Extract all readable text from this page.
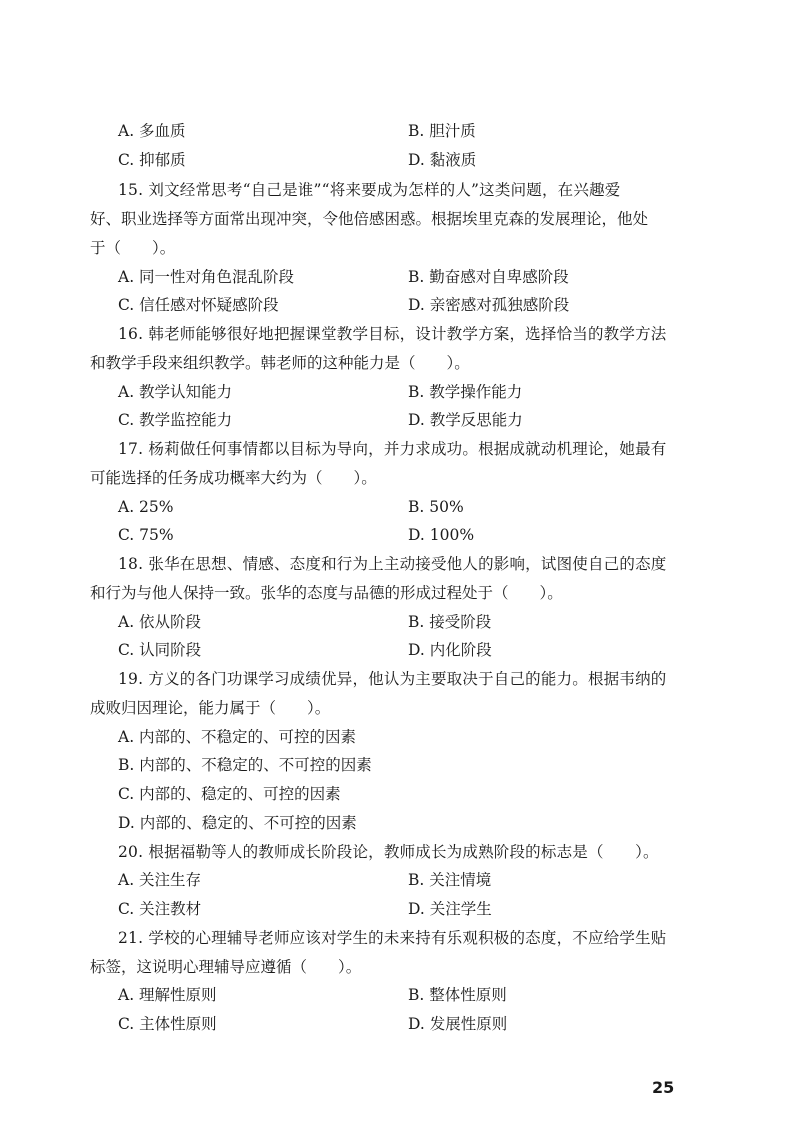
A. 多血质	B. 胆汁质
C. 抑郁质	D. 黏液质
15. 刘文经常思考“自己是谁”“将来要成为怎样的人”这类问题，在兴趣爱
好、职业选择等方面常出现冲突，令他倍感困惑。根据埃里克森的发展理论，他处
于（　　）。
A. 同一性对角色混乱阶段	B. 勤奋感对自卑感阶段
C. 信任感对怀疑感阶段	D. 亲密感对孤独感阶段
16. 韩老师能够很好地把握课堂教学目标，设计教学方案，选择恰当的教学方法
和教学手段来组织教学。韩老师的这种能力是（　　）。
A. 教学认知能力	B. 教学操作能力
C. 教学监控能力	D. 教学反思能力
17. 杨莉做任何事情都以目标为导向，并力求成功。根据成就动机理论，她最有
可能选择的任务成功概率大约为（　　）。
A. 25%	B. 50%
C. 75%	D. 100%
18. 张华在思想、情感、态度和行为上主动接受他人的影响，试图使自己的态度
和行为与他人保持一致。张华的态度与品德的形成过程处于（　　）。
A. 依从阶段	B. 接受阶段
C. 认同阶段	D. 内化阶段
19. 方义的各门功课学习成绩优异，他认为主要取决于自己的能力。根据韦纳的
成败归因理论，能力属于（　　）。
A. 内部的、不稳定的、可控的因素
B. 内部的、不稳定的、不可控的因素
C. 内部的、稳定的、可控的因素
D. 内部的、稳定的、不可控的因素
20. 根据福勒等人的教师成长阶段论，教师成长为成熟阶段的标志是（　　）。
A. 关注生存	B. 关注情境
C. 关注教材	D. 关注学生
21. 学校的心理辅导老师应该对学生的未来持有乐观积极的态度，不应给学生贴
标签，这说明心理辅导应遵循（　　）。
A. 理解性原则	B. 整体性原则
C. 主体性原则	D. 发展性原则
25
